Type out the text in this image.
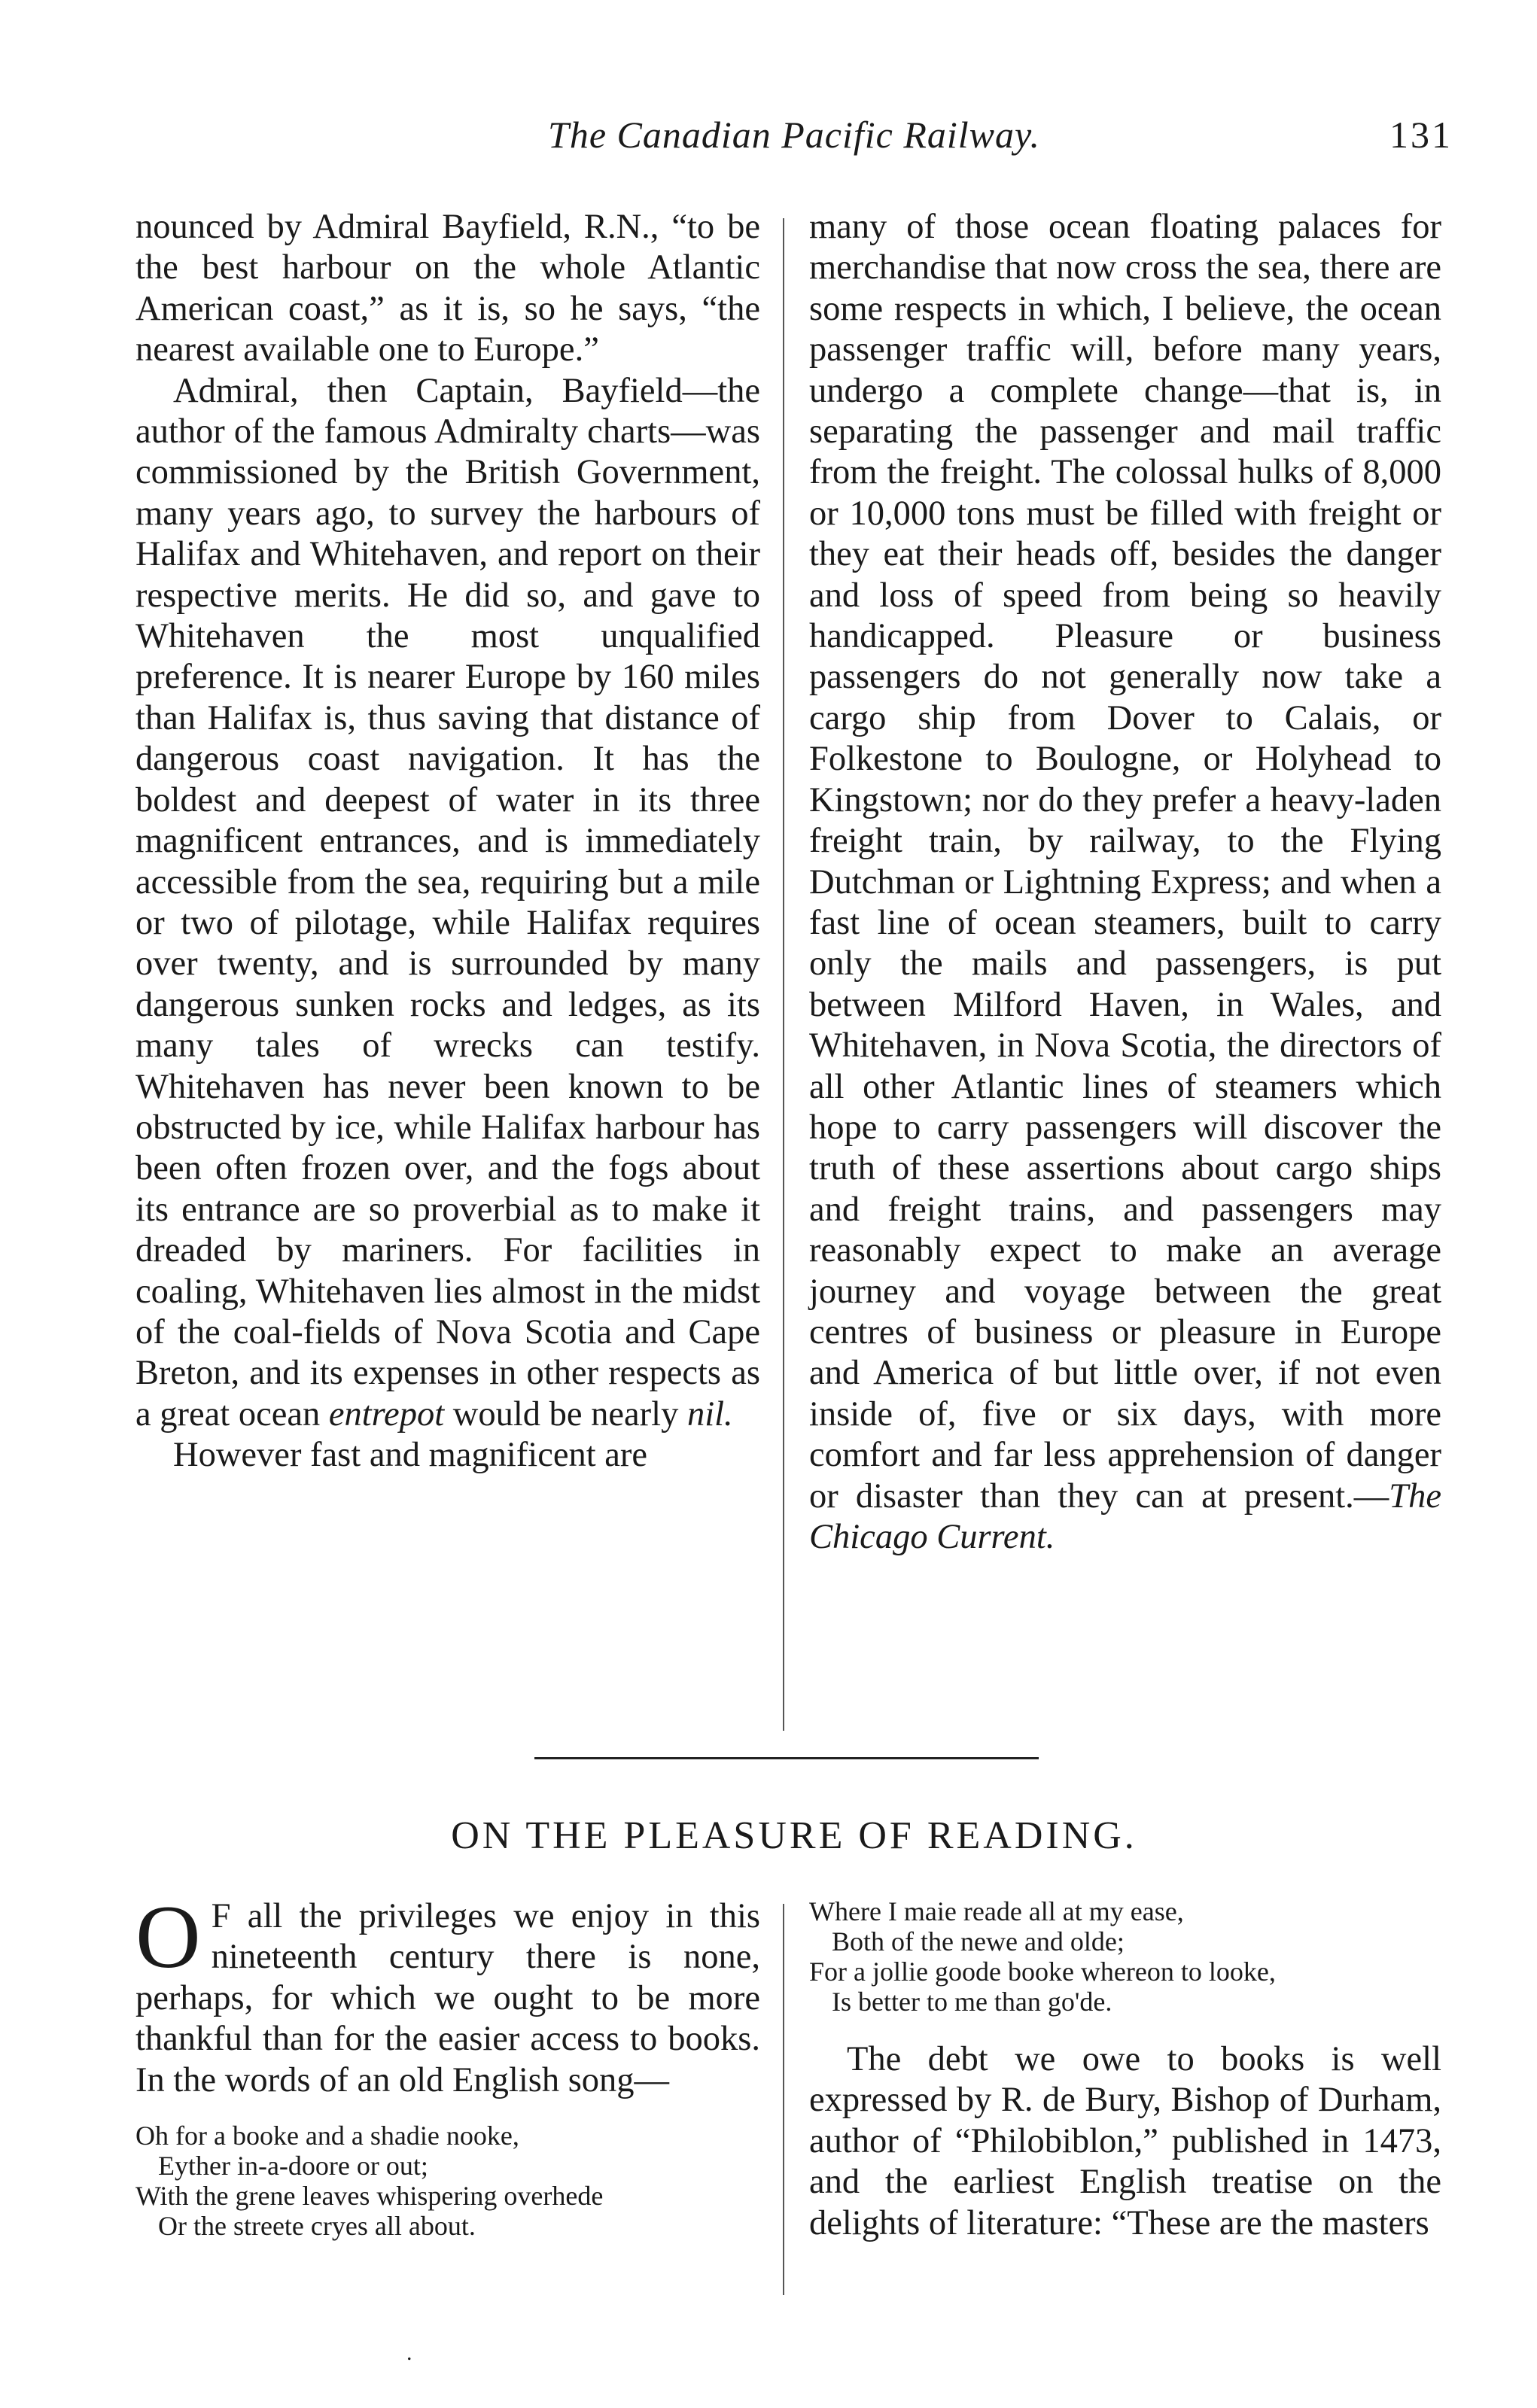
The Canadian Pacific Railway.	131

nounced by Admiral Bayfield, R.N., “to be the best harbour on the whole Atlantic American coast,” as it is, so he says, “the nearest available one to Europe.”

Admiral, then Captain, Bayfield—the author of the famous Admiralty charts—was commissioned by the British Government, many years ago, to survey the harbours of Halifax and Whitehaven, and report on their respective merits. He did so, and gave to Whitehaven the most unqualified preference. It is nearer Europe by 160 miles than Halifax is, thus saving that distance of dangerous coast navigation. It has the boldest and deepest of water in its three magnificent entrances, and is immediately accessible from the sea, requiring but a mile or two of pilotage, while Halifax requires over twenty, and is surrounded by many dangerous sunken rocks and ledges, as its many tales of wrecks can testify. Whitehaven has never been known to be obstructed by ice, while Halifax harbour has been often frozen over, and the fogs about its entrance are so proverbial as to make it dreaded by mariners. For facilities in coaling, Whitehaven lies almost in the midst of the coal-fields of Nova Scotia and Cape Breton, and its expenses in other respects as a great ocean entrepot would be nearly nil.

However fast and magnificent are

many of those ocean floating palaces for merchandise that now cross the sea, there are some respects in which, I believe, the ocean passenger traffic will, before many years, undergo a complete change—that is, in separating the passenger and mail traffic from the freight. The colossal hulks of 8,000 or 10,000 tons must be filled with freight or they eat their heads off, besides the danger and loss of speed from being so heavily handicapped. Pleasure or business passengers do not generally now take a cargo ship from Dover to Calais, or Folkestone to Boulogne, or Holyhead to Kingstown; nor do they prefer a heavy-laden freight train, by railway, to the Flying Dutchman or Lightning Express; and when a fast line of ocean steamers, built to carry only the mails and passengers, is put between Milford Haven, in Wales, and Whitehaven, in Nova Scotia, the directors of all other Atlantic lines of steamers which hope to carry passengers will discover the truth of these assertions about cargo ships and freight trains, and passengers may reasonably expect to make an average journey and voyage between the great centres of business or pleasure in Europe and America of but little over, if not even inside of, five or six days, with more comfort and far less apprehension of danger or disaster than they can at present.—The Chicago Current.

ON THE PLEASURE OF READING.

O F all the privileges we enjoy in this nineteenth century there is none, perhaps, for which we ought to be more thankful than for the easier access to books. In the words of an old English song—

Oh for a booke and a shadie nooke,
Eyther in-a-doore or out;
With the grene leaves whispering overhede
Or the streete cryes all about.
Where I maie reade all at my ease,
Both of the newe and olde;
For a jollie goode booke whereon to looke,
Is better to me than go'de.

The debt we owe to books is well expressed by R. de Bury, Bishop of Durham, author of “Philobiblon,” published in 1473, and the earliest English treatise on the delights of literature: “These are the masters

.
